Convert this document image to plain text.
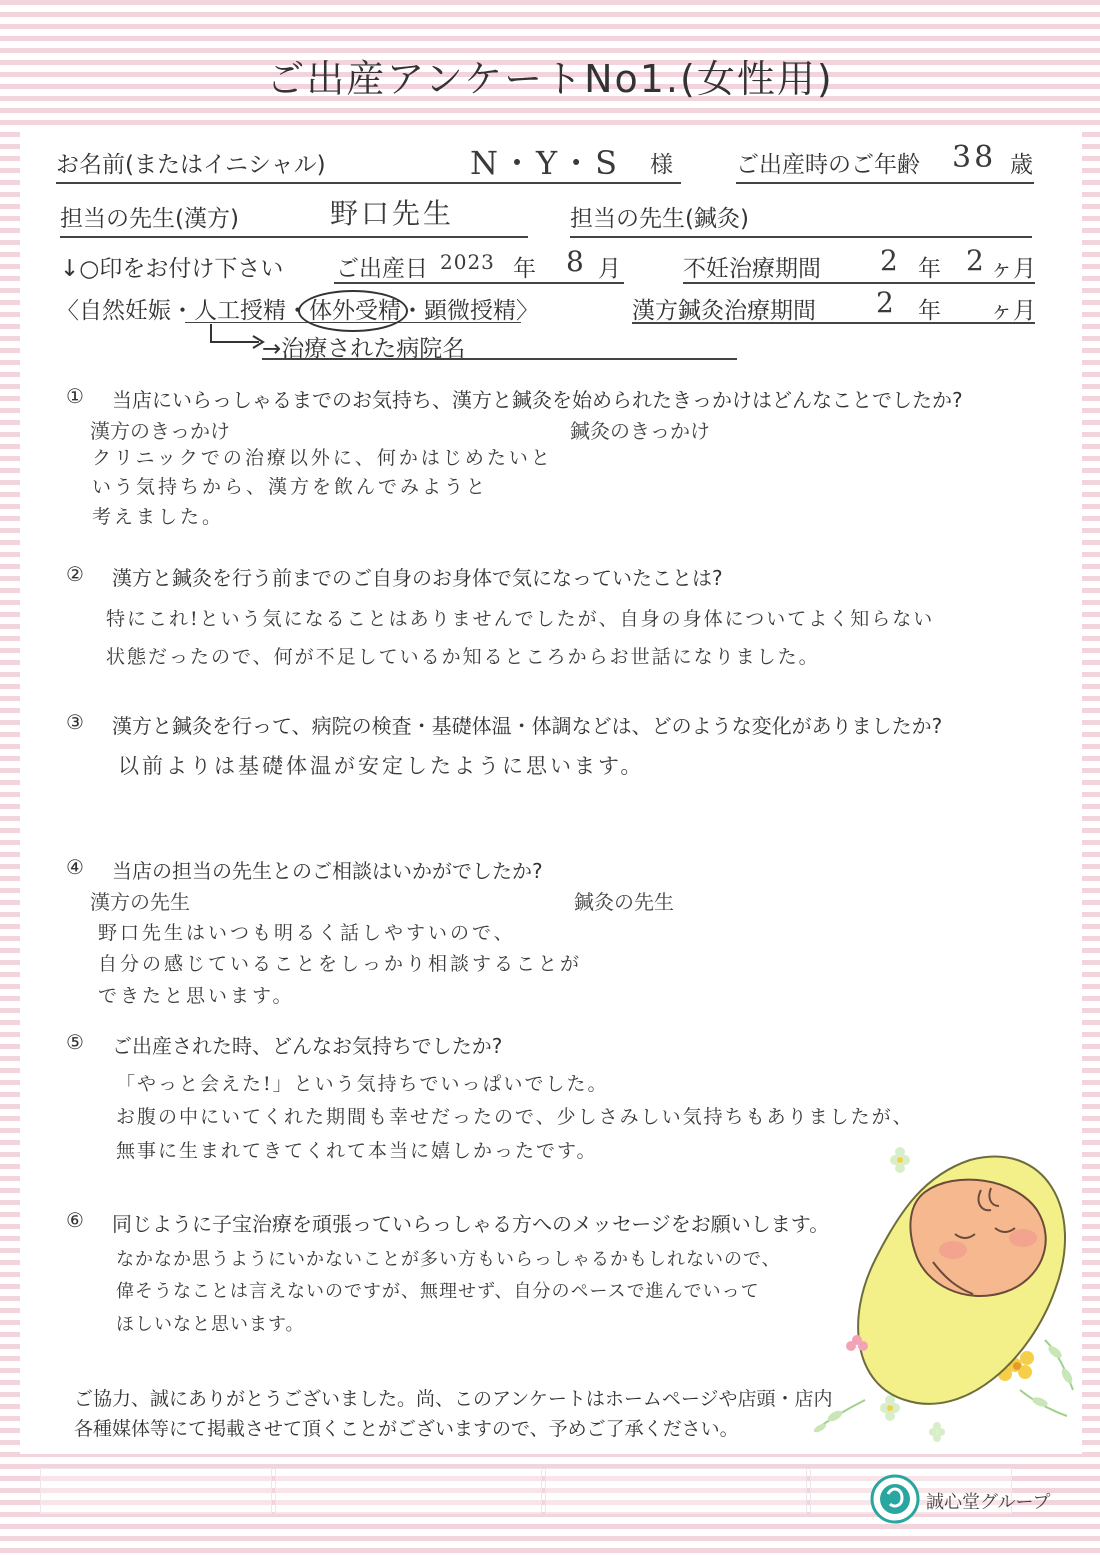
ご出産アンケートNo1.(女性用)
お名前(またはイニシャル)	N・Y・S 様	ご出産時のご年齢 38 歳
担当の先生(漢方)	野口先生	担当の先生(鍼灸)
↓○印をお付け下さい ご出産日 2023 年 8 月	不妊治療期間 2 年 2 ヶ月
〈自然妊娠・人工授精・体外受精・顕微授精〉	漢方鍼灸治療期間 2 年 ヶ月
→治療された病院名
① 当店にいらっしゃるまでのお気持ち、漢方と鍼灸を始められたきっかけはどんなことでしたか?
漢方のきっかけ	鍼灸のきっかけ
クリニックでの治療以外に、何かはじめたいと
いう気持ちから、漢方を飲んでみようと
考えました。
② 漢方と鍼灸を行う前までのご自身のお身体で気になっていたことは?
特にこれ!という気になることはありませんでしたが、自身の身体についてよく知らない
状態だったので、何が不足しているか知るところからお世話になりました。
③ 漢方と鍼灸を行って、病院の検査・基礎体温・体調などは、どのような変化がありましたか?
以前よりは基礎体温が安定したように思います。
④ 当店の担当の先生とのご相談はいかがでしたか?
漢方の先生	鍼灸の先生
野口先生はいつも明るく話しやすいので、
自分の感じていることをしっかり相談することが
できたと思います。
⑤ ご出産された時、どんなお気持ちでしたか?
「やっと会えた!」という気持ちでいっぱいでした。
お腹の中にいてくれた期間も幸せだったので、少しさみしい気持ちもありましたが、
無事に生まれてきてくれて本当に嬉しかったです。
⑥ 同じように子宝治療を頑張っていらっしゃる方へのメッセージをお願いします。
なかなか思うようにいかないことが多い方もいらっしゃるかもしれないので、
偉そうなことは言えないのですが、無理せず、自分のペースで進んでいって
ほしいなと思います。
ご協力、誠にありがとうございました。尚、このアンケートはホームページや店頭・店内
各種媒体等にて掲載させて頂くことがございますので、予めご了承ください。
誠心堂グループ
